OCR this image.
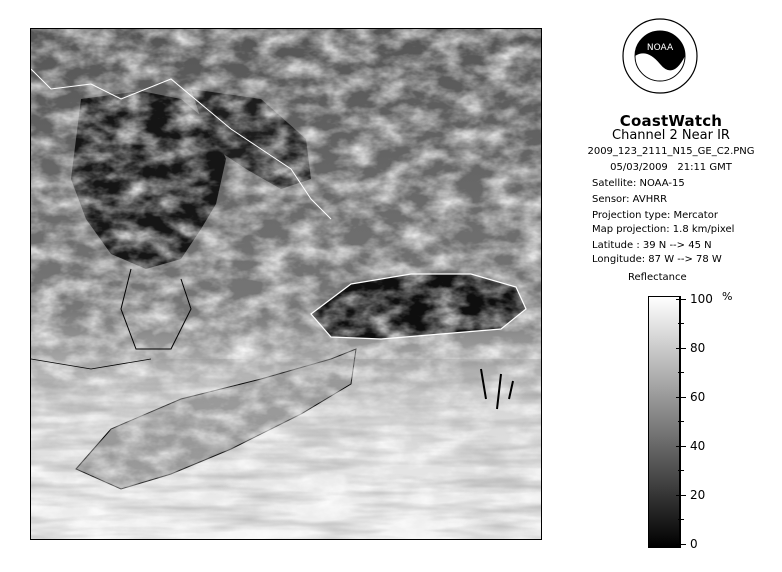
NOAA
CoastWatch
Channel 2 Near IR
2009_123_2111_N15_GE_C2.PNG
05/03/2009 21:11 GMT
Satellite: NOAA-15
Sensor: AVHRR
Projection type: Mercator
Map projection: 1.8 km/pixel
Latitude : 39 N --> 45 N
Longitude: 87 W --> 78 W
Reflectance
%
100
80
60
40
20
0
